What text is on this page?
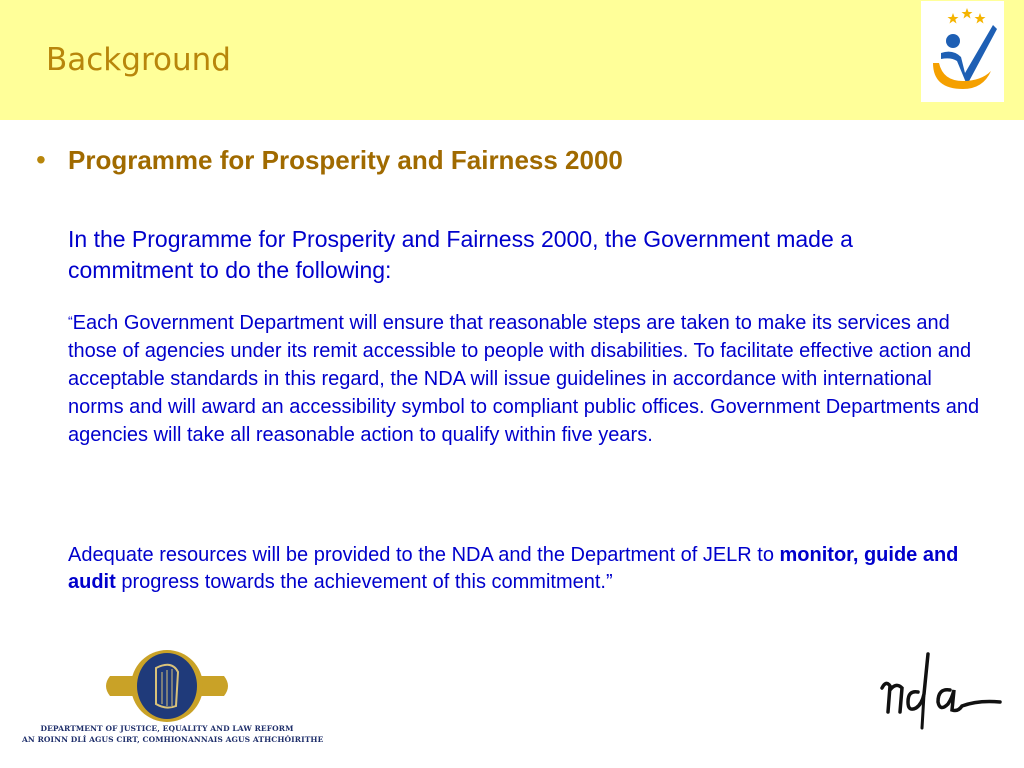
Background
• Programme for Prosperity and Fairness 2000

In the Programme for Prosperity and Fairness 2000, the Government made a commitment to do the following:

“Each Government Department will ensure that reasonable steps are taken to make its services and those of agencies under its remit accessible to people with disabilities. To facilitate effective action and acceptable standards in this regard, the NDA will issue guidelines in accordance with international norms and will award an accessibility symbol to compliant public offices. Government Departments and agencies will take all reasonable action to qualify within five years.

Adequate resources will be provided to the NDA and the Department of JELR to monitor, guide and audit progress towards the achievement of this commitment.”

DEPARTMENT OF JUSTICE, EQUALITY AND LAW REFORM
AN ROINN DLÍ AGUS CIRT, COMHIONANNAIS AGUS ATHCHÓIRITHE
